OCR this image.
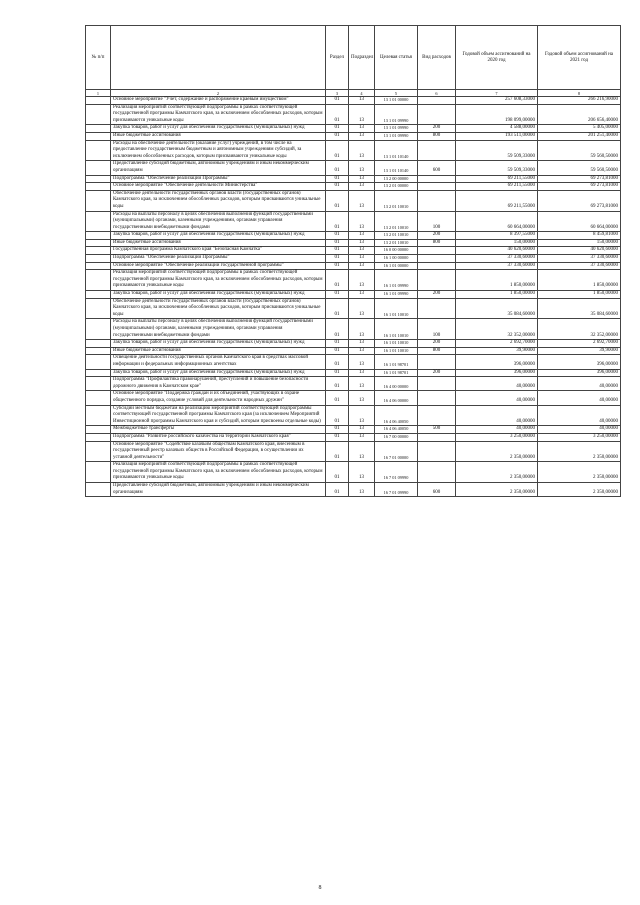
№ п/п		Раздел	Подраздел	Целевая статья	Вид расходов	Годовой объем ассигнований на 2020 год	Годовой объем ассигнований на 2021 год
1	2	3	4	5	6	7	8
	Основное мероприятие "Учет, содержание и распоряжение краевым имуществом"	01	13	13 1 01 00000		257 608,33000	266 216,90000
	Реализация мероприятий соответствующей подпрограммы в рамках соответствующей государственной программы Камчатского края, за исключением обособленных расходов, которым присваиваются уникальные коды	01	13	13 1 01 09990		198 099,00000	206 656,40000
	Закупка товаров, работ и услуг для обеспечения государственных (муниципальных) нужд	01	13	13 1 01 09990	200	4 588,00000	5 405,00000
	Иные бюджетные ассигнования	01	13	13 1 01 09990	800	193 511,00000	201 251,40000
	Расходы на обеспечение деятельности (оказание услуг) учреждений, в том числе на предоставление государственным бюджетным и автономным учреждениям субсидий, за исключением обособленных расходов, которым присваиваются уникальные коды	01	13	13 1 01 10140		59 509,33000	59 560,50000
	Предоставление субсидий бюджетным, автономным учреждениям и иным некоммерческим организациям	01	13	13 1 01 10140	600	59 509,33000	59 560,50000
	Подпрограмма "Обеспечение реализации Программы"	01	13	13 2 00 00000		69 211,55000	69 273,81000
	Основное мероприятие "Обеспечение деятельности Министерства"	01	13	13 2 01 00000		69 211,55000	69 273,81000
	Обеспечение деятельности государственных органов власти (государственных органов) Камчатского края, за исключением обособленных расходов, которым присваиваются уникальные коды	01	13	13 2 01 10010		69 211,55000	69 273,81000
	Расходы на выплаты персоналу в целях обеспечения выполнения функций государственными (муниципальными) органами, казенными учреждениями, органами управления государственными внебюджетными фондами	01	13	13 2 01 10010	100	60 664,00000	60 664,00000
	Закупка товаров, работ и услуг для обеспечения государственных (муниципальных) нужд	01	13	13 2 01 10010	200	8 397,55000	8 459,81000
	Иные бюджетные ассигнования	01	13	13 2 01 10010	800	150,00000	150,00000
	Государственная программа Камчатского края "Безопасная Камчатка"	01	13	16 0 00 00000		40 620,60000	40 620,60000
	Подпрограмма "Обеспечение реализации Программы"	01	13	16 1 00 00000		37 330,60000	37 330,60000
	Основное мероприятие "Обеспечение реализации государственной программы"	01	13	16 1 01 00000		37 330,60000	37 330,60000
	Реализация мероприятий соответствующей подпрограммы в рамках соответствующей государственной программы Камчатского края, за исключением обособленных расходов, которым присваиваются уникальные коды	01	13	16 1 01 09990		1 850,00000	1 850,00000
	Закупка товаров, работ и услуг для обеспечения государственных (муниципальных) нужд	01	13	16 1 01 09990	200	1 850,00000	1 850,00000
	Обеспечение деятельности государственных органов власти (государственных органов) Камчатского края, за исключением обособленных расходов, которым присваиваются уникальные коды	01	13	16 1 01 10010		35 084,60000	35 084,60000
	Расходы на выплаты персоналу в целях обеспечения выполнения функций государственными (муниципальными) органами, казенными учреждениями, органами управления государственными внебюджетными фондами	01	13	16 1 01 10010	100	32 352,00000	32 352,00000
	Закупка товаров, работ и услуг для обеспечения государственных (муниципальных) нужд	01	13	16 1 01 10010	200	2 692,70000	2 692,70000
	Иные бюджетные ассигнования	01	13	16 1 01 10010	800	39,90000	39,90000
	Освещение деятельности государственных органов Камчатского края в средствах массовой информации и федеральных информационных агентствах	01	13	16 1 01 98701		396,00000	396,00000
	Закупка товаров, работ и услуг для обеспечения государственных (муниципальных) нужд	01	13	16 1 01 98701	200	396,00000	396,00000
	Подпрограмма "Профилактика правонарушений, преступлений и повышение безопасности дорожного движения в Камчатском крае"	01	13	16 4 00 00000		40,00000	40,00000
	Основное мероприятие "Поддержка граждан и их объединений, участвующих в охране общественного порядка, создание условий для деятельности народных дружин"	01	13	16 4 06 00000		40,00000	40,00000
	Субсидии местным бюджетам на реализацию мероприятий соответствующей подпрограммы соответствующей государственной программы Камчатского края (за исключением Мероприятий Инвестиционной программы Камчатского края и субсидий, которым присвоены отдельные коды)	01	13	16 4 06 40050		40,00000	40,00000
	Межбюджетные трансферты	01	13	16 4 06 40050	500	40,00000	40,00000
	Подпрограмма "Развитие российского казачества на территории Камчатского края"	01	13	16 7 00 00000		3 250,00000	3 250,00000
	Основное мероприятие "Содействие казачьим обществам Камчатского края, внесенным в государственный реестр казачьих обществ в Российской Федерации, в осуществлении их уставной деятельности"	01	13	16 7 01 00000		2 350,00000	2 350,00000
	Реализация мероприятий соответствующей подпрограммы в рамках соответствующей государственной программы Камчатского края, за исключением обособленных расходов, которым присваиваются уникальные коды	01	13	16 7 01 09990		2 350,00000	2 350,00000
	Предоставление субсидий бюджетным, автономным учреждениям и иным некоммерческим организациям	01	13	16 7 01 09990	600	2 350,00000	2 350,00000
8
